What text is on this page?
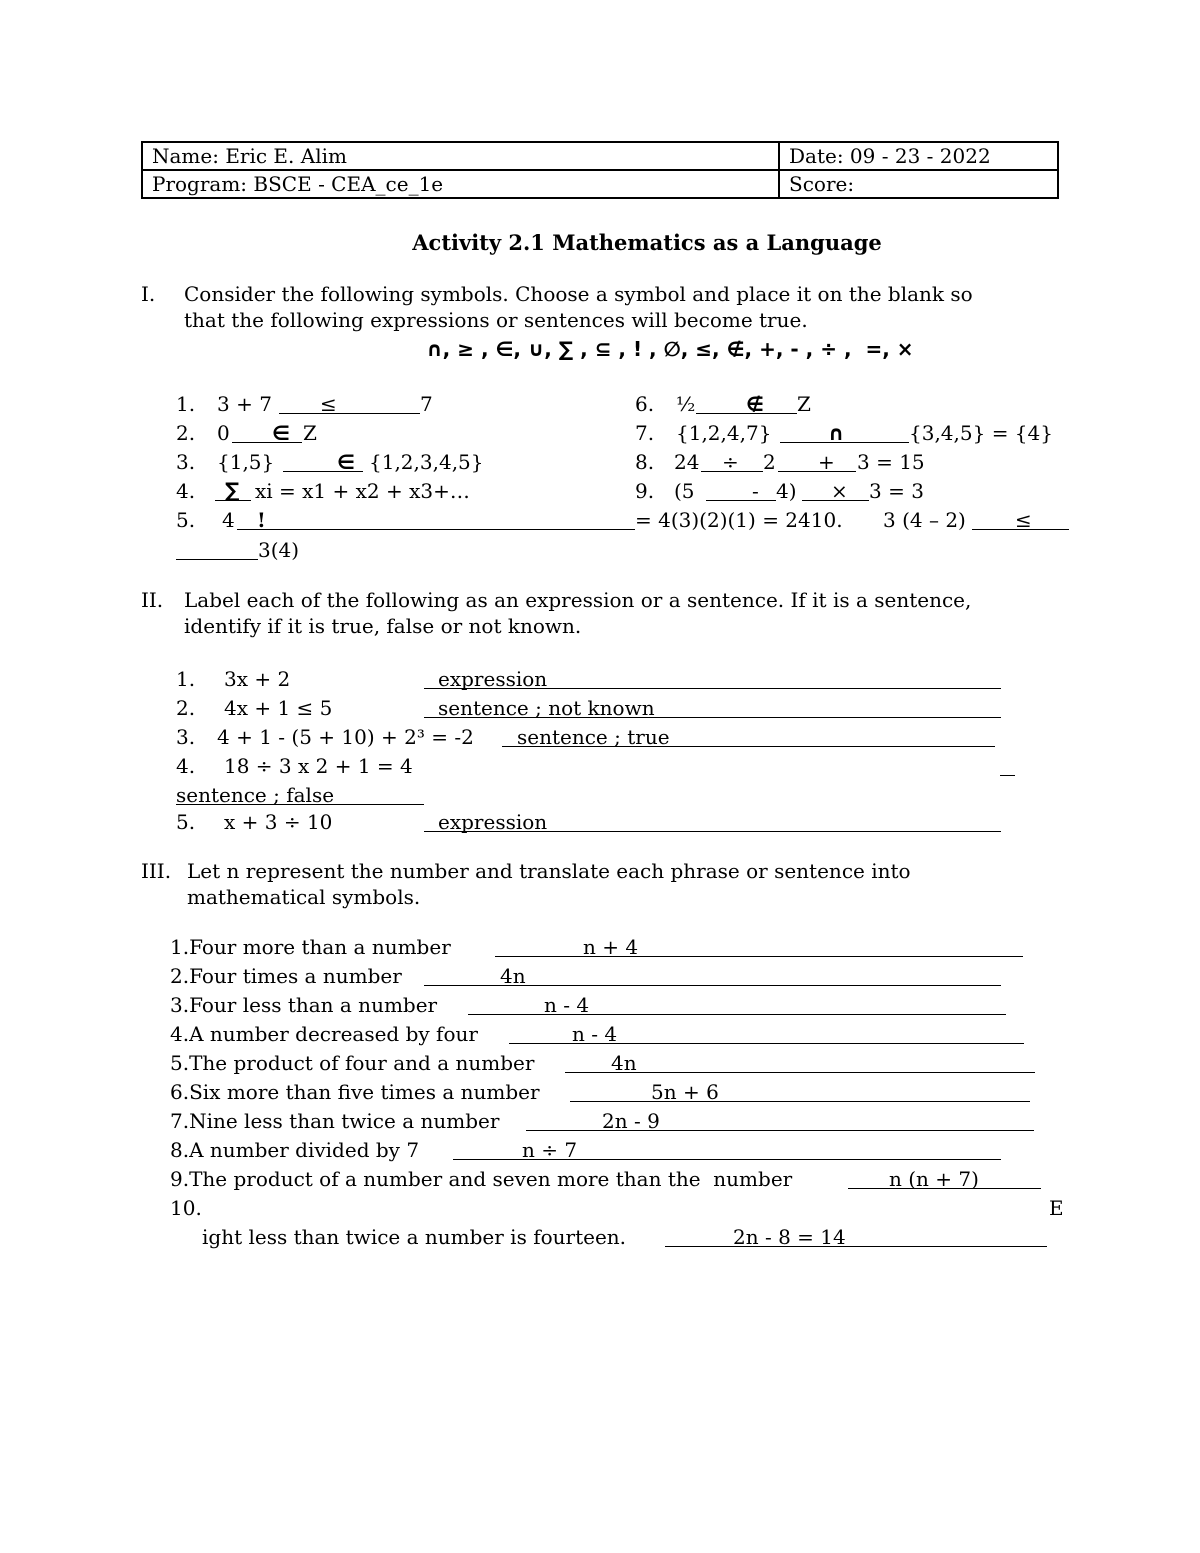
Name: Eric E. Alim	Date: 09 - 23 - 2022
Program: BSCE - CEA_ce_1e	Score:
Activity 2.1 Mathematics as a Language
I. Consider the following symbols. Choose a symbol and place it on the blank so
that the following expressions or sentences will become true.
∩, ≥ , ∈, ∪, ∑ , ⊆ , ! , ∅, ≤, ∉, +, - , ÷ ,  =, ×
1. 3 + 7 ≤	7
2. 0 ∈ Z
3. {1,5}	∈ {1,2,3,4,5}
4. ∑ xi = x1 + x2 + x3+…
5. 4 !	= 4(3)(2)(1) = 2410. 3 (4 – 2) ≤
3(4)
6. ½	∉ Z
7. {1,2,4,7}	∩	{3,4,5} = {4}
8. 24 ÷ 2 + 3 = 15
9. (5	- 4) × 3 = 3
II. Label each of the following as an expression or a sentence. If it is a sentence,
identify if it is true, false or not known.
1. 3x + 2	expression
2. 4x + 1 ≤ 5	sentence ; not known
3. 4 + 1 - (5 + 10) + 2³ = -2 sentence ; true
4. 18 ÷ 3 x 2 + 1 = 4
sentence ; false
5. x + 3 ÷ 10	expression
III. Let n represent the number and translate each phrase or sentence into
mathematical symbols.
1.Four more than a number	n + 4
2.Four times a number	4n
3.Four less than a number	n - 4
4.A number decreased by four	n - 4
5.The product of four and a number	4n
6.Six more than five times a number	5n + 6
7.Nine less than twice a number	2n - 9
8.A number divided by 7	n ÷ 7
9.The product of a number and seven more than the  number	n (n + 7)
10.	E
ight less than twice a number is fourteen.	2n - 8 = 14
